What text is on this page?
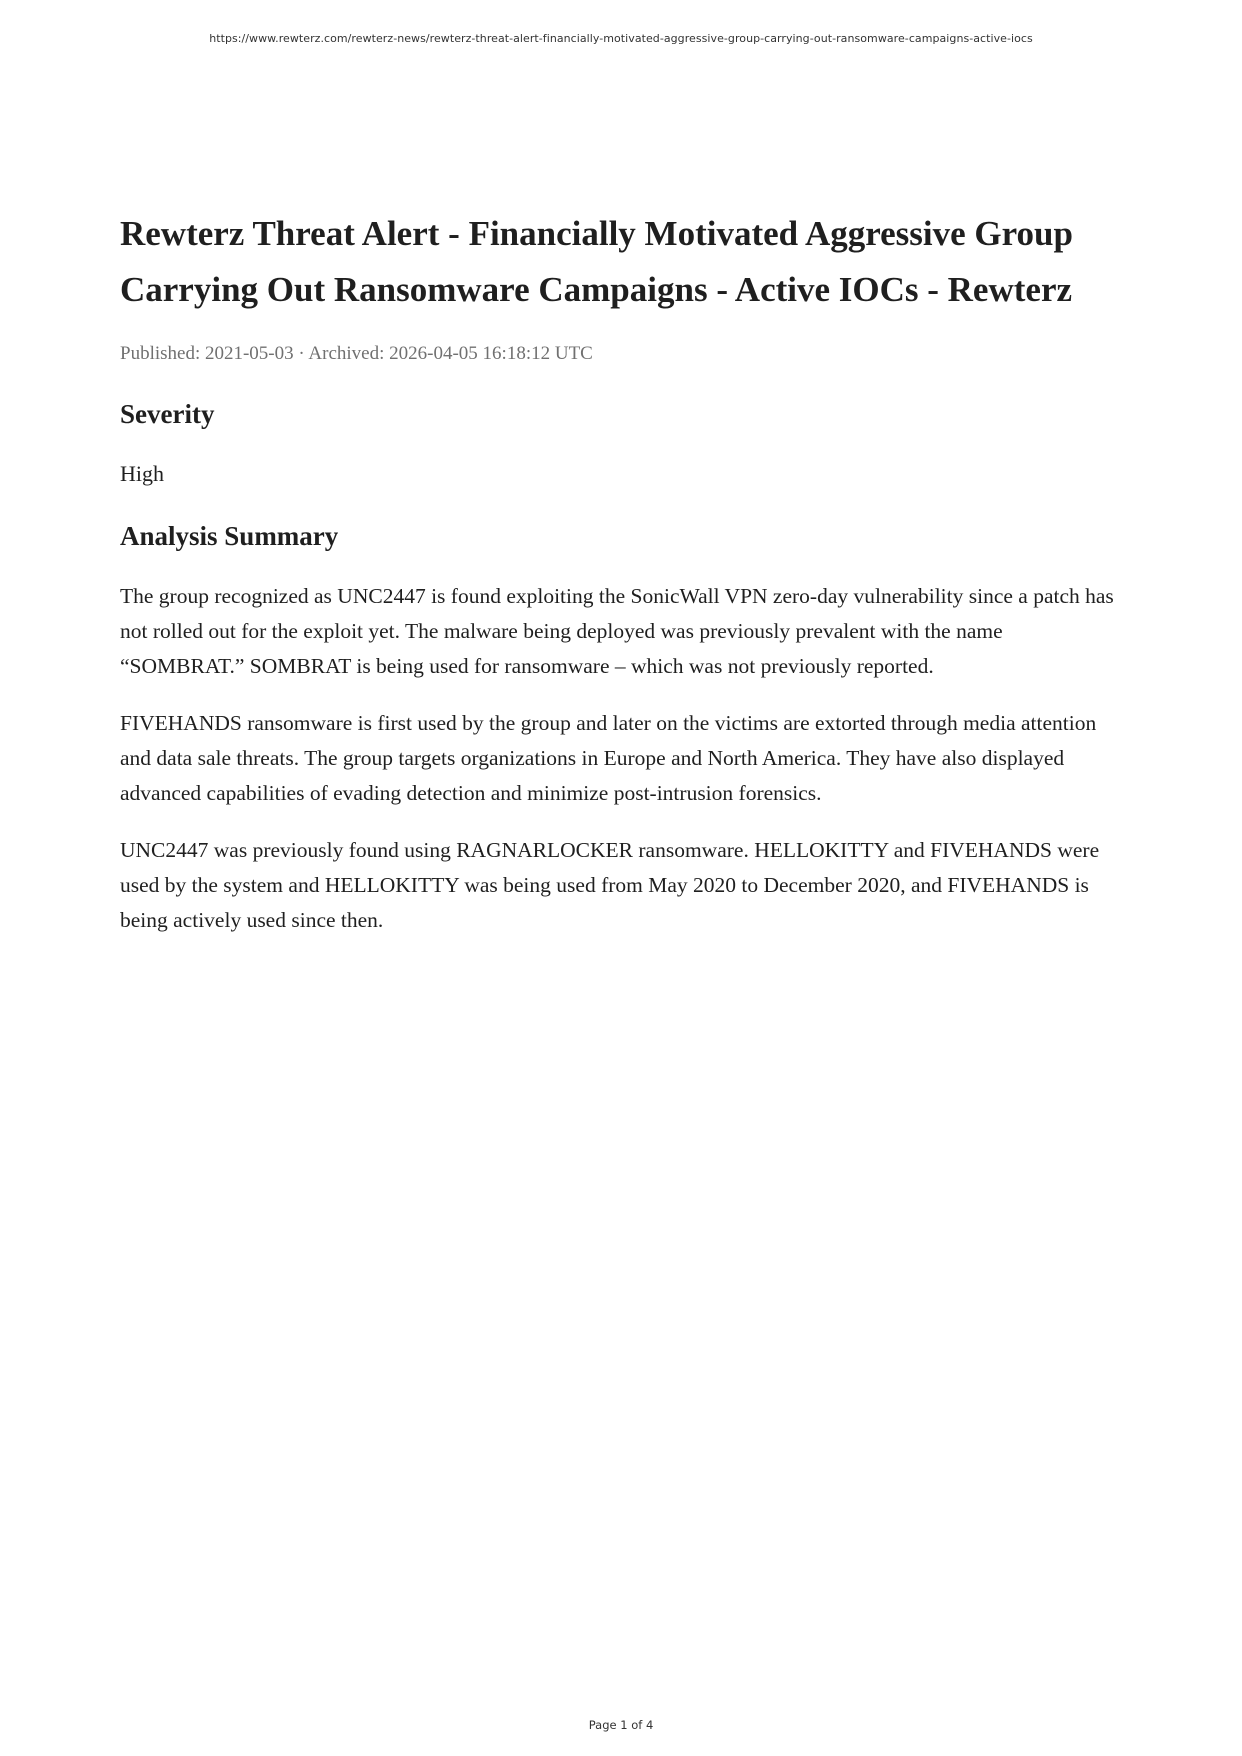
https://www.rewterz.com/rewterz-news/rewterz-threat-alert-financially-motivated-aggressive-group-carrying-out-ransomware-campaigns-active-iocs
Rewterz Threat Alert - Financially Motivated Aggressive Group Carrying Out Ransomware Campaigns - Active IOCs - Rewterz
Published: 2021-05-03 · Archived: 2026-04-05 16:18:12 UTC
Severity
High
Analysis Summary

The group recognized as UNC2447 is found exploiting the SonicWall VPN zero-day vulnerability since a patch has not rolled out for the exploit yet. The malware being deployed was previously prevalent with the name “SOMBRAT.” SOMBRAT is being used for ransomware – which was not previously reported.

FIVEHANDS ransomware is first used by the group and later on the victims are extorted through media attention and data sale threats. The group targets organizations in Europe and North America. They have also displayed advanced capabilities of evading detection and minimize post-intrusion forensics.

UNC2447 was previously found using RAGNARLOCKER ransomware. HELLOKITTY and FIVEHANDS were used by the system and HELLOKITTY was being used from May 2020 to December 2020, and FIVEHANDS is being actively used since then.

Page 1 of 4
